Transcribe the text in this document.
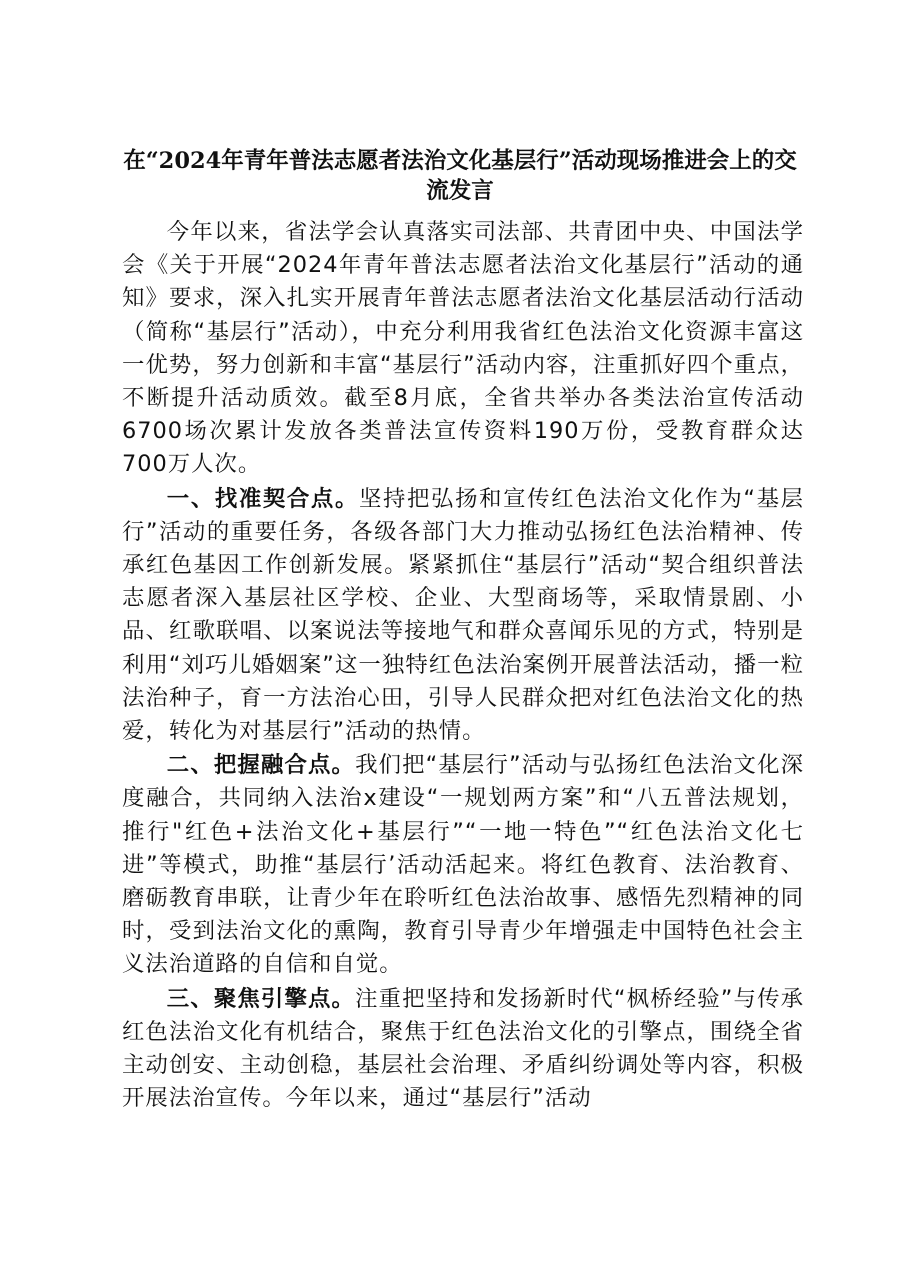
在“2024年青年普法志愿者法治文化基层行”活动现场推进会上的交流发言

今年以来，省法学会认真落实司法部、共青团中央、中国法学会《关于开展“2024年青年普法志愿者法治文化基层行”活动的通知》要求，深入扎实开展青年普法志愿者法治文化基层活动行活动（简称“基层行”活动），中充分利用我省红色法治文化资源丰富这一优势，努力创新和丰富“基层行”活动内容，注重抓好四个重点，不断提升活动质效。截至8月底，全省共举办各类法治宣传活动6700场次累计发放各类普法宣传资料190万份，受教育群众达700万人次。

一、找准契合点。坚持把弘扬和宣传红色法治文化作为“基层行”活动的重要任务，各级各部门大力推动弘扬红色法治精神、传承红色基因工作创新发展。紧紧抓住“基层行”活动“契合组织普法志愿者深入基层社区学校、企业、大型商场等，采取情景剧、小品、红歌联唱、以案说法等接地气和群众喜闻乐见的方式，特别是利用“刘巧儿婚姻案”这一独特红色法治案例开展普法活动，播一粒法治种子，育一方法治心田，引导人民群众把对红色法治文化的热爱，转化为对基层行”活动的热情。

二、把握融合点。我们把“基层行”活动与弘扬红色法治文化深度融合，共同纳入法治x建设“一规划两方案”和“八五普法规划，推行"红色+法治文化+基层行”“一地一特色”“红色法治文化七进”等模式，助推“基层行’活动活起来。将红色教育、法治教育、磨砺教育串联，让青少年在聆听红色法治故事、感悟先烈精神的同时，受到法治文化的熏陶，教育引导青少年增强走中国特色社会主义法治道路的自信和自觉。

三、聚焦引擎点。注重把坚持和发扬新时代“枫桥经验”与传承红色法治文化有机结合，聚焦于红色法治文化的引擎点，围绕全省主动创安、主动创稳，基层社会治理、矛盾纠纷调处等内容，积极开展法治宣传。今年以来，通过“基层行”活动
